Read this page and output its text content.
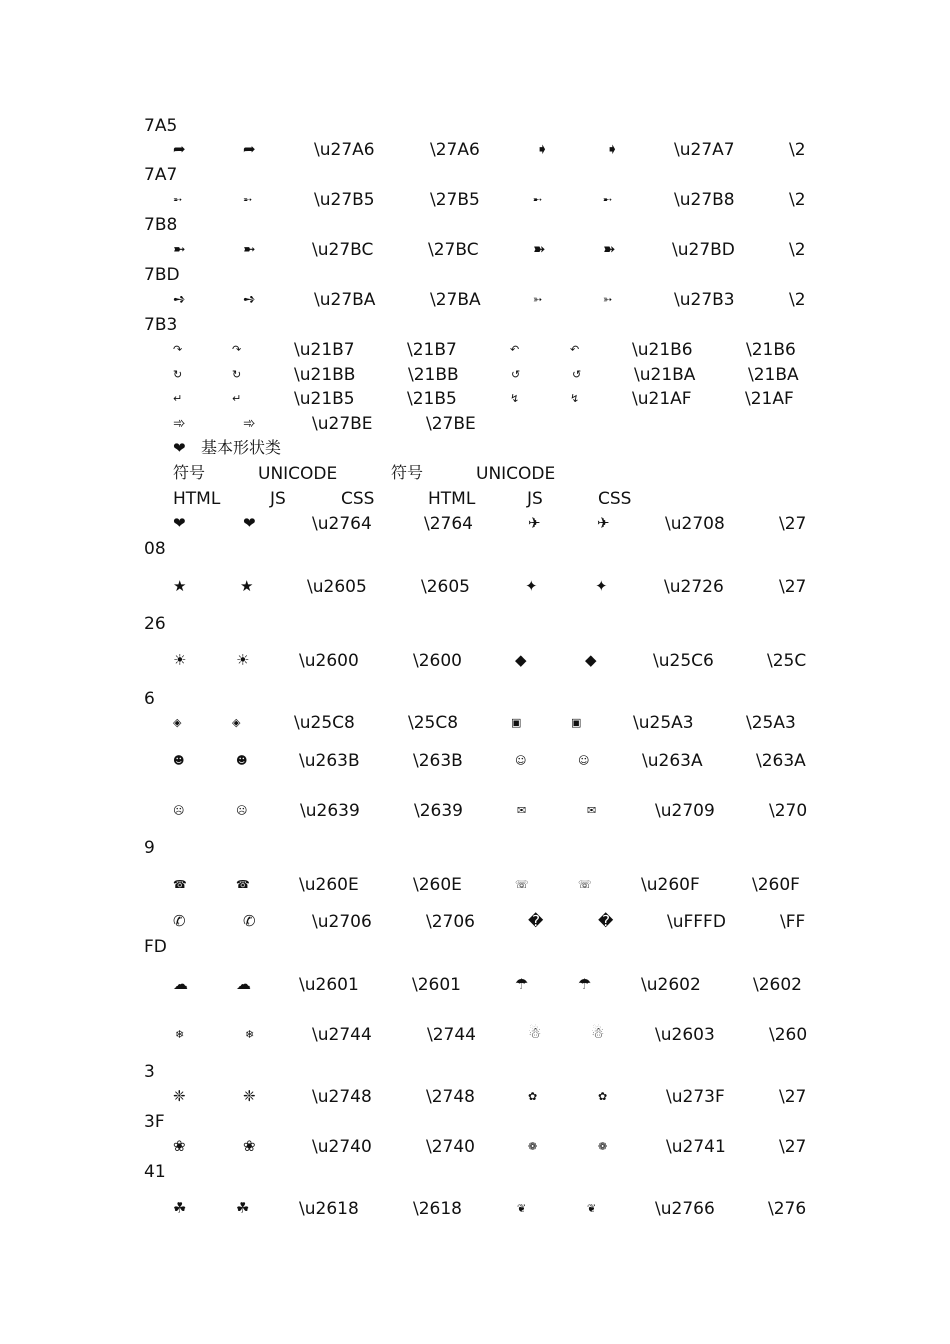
7A5
➦	➦	\u27A6	\27A6	➧	➧	\u27A7	\2
7A7
➵	➵	\u27B5	\27B5	➸	➸	\u27B8	\2
7B8
➼	➼	\u27BC	\27BC	➽	➽	\u27BD	\2
7BD
➺	➺	\u27BA	\27BA	➳	➳	\u27B3	\2
7B3
↷	↷	\u21B7	\21B7	↶	↶	\u21B6	\21B6
↻	↻	\u21BB	\21BB	↺	↺	\u21BA	\21BA
↵	↵	\u21B5	\21B5	↯	↯	\u21AF	\21AF
➾	➾	\u27BE	\27BE
❤ 基本形状类
符号	UNICODE	符号	UNICODE
HTML	JS	CSS	HTML	JS	CSS
❤	❤	\u2764	\2764	✈	✈	\u2708	\27
08
★	★	\u2605	\2605	✦	✦	\u2726	\27
26
☀	☀	\u2600	\2600	◆	◆	\u25C6	\25C
6
◈	◈	\u25C8	\25C8	▣	▣	\u25A3	\25A3
☻	☻	\u263B	\263B	☺	☺	\u263A	\263A
☹	☹	\u2639	\2639	✉	✉	\u2709	\270
9
☎	☎	\u260E	\260E	☏	☏	\u260F	\260F
✆	✆	\u2706	\2706	�	�	\uFFFD	\FF
FD
☁	☁	\u2601	\2601	☂	☂	\u2602	\2602
❄	❄	\u2744	\2744	☃	☃	\u2603	\260
3
❈	❈	\u2748	\2748	✿	✿	\u273F	\27
3F
❀	❀	\u2740	\2740	❁	❁	\u2741	\27
41
☘	☘	\u2618	\2618	❦	❦	\u2766	\276
